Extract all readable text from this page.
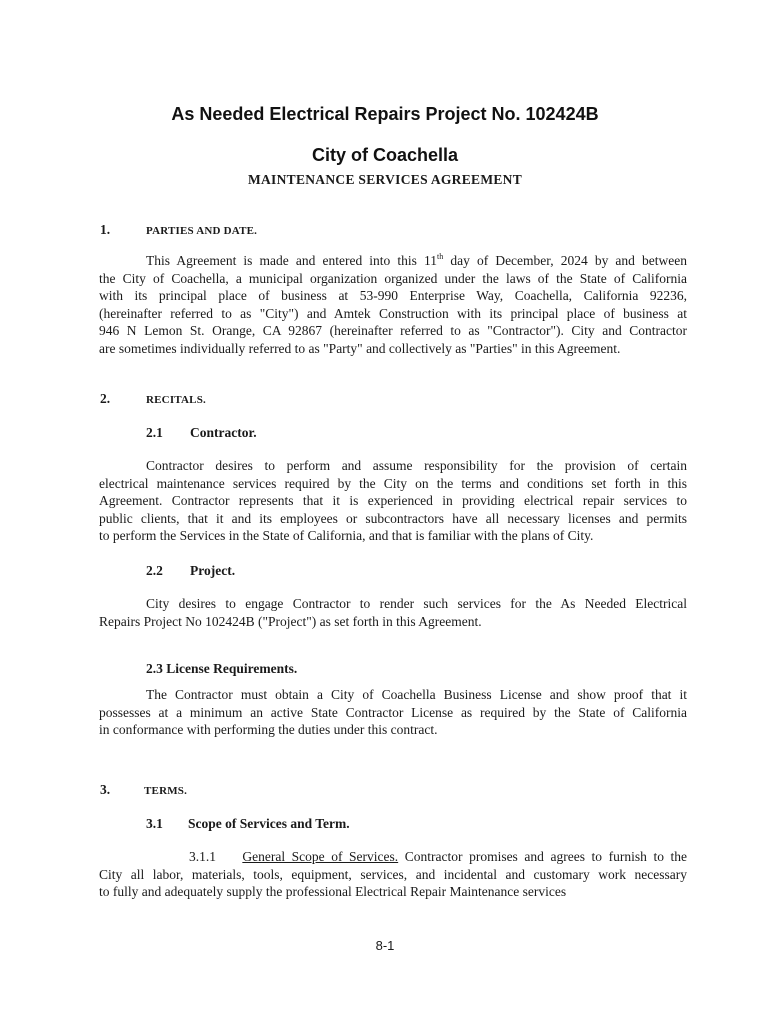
As Needed Electrical Repairs Project No. 102424B
City of Coachella
MAINTENANCE SERVICES AGREEMENT
1.	PARTIES AND DATE.
This Agreement is made and entered into this 11th day of December, 2024 by and between
the City of Coachella, a municipal organization organized under the laws of the State of California
with its principal place of business at 53-990 Enterprise Way, Coachella, California 92236,
(hereinafter referred to as "City") and Amtek Construction with its principal place of business at
946 N Lemon St. Orange, CA 92867 (hereinafter referred to as "Contractor"). City and Contractor
are sometimes individually referred to as "Party" and collectively as "Parties" in this Agreement.
2.	RECITALS.
2.1 Contractor.
Contractor desires to perform and assume responsibility for the provision of certain
electrical maintenance services required by the City on the terms and conditions set forth in this
Agreement. Contractor represents that it is experienced in providing electrical repair services to
public clients, that it and its employees or subcontractors have all necessary licenses and permits
to perform the Services in the State of California, and that is familiar with the plans of City.
2.2 Project.
City desires to engage Contractor to render such services for the As Needed Electrical
Repairs Project No 102424B ("Project") as set forth in this Agreement.
2.3 License Requirements.
The Contractor must obtain a City of Coachella Business License and show proof that it
possesses at a minimum an active State Contractor License as required by the State of California
in conformance with performing the duties under this contract.
3.	TERMS.
3.1 Scope of Services and Term.
3.1.1 General Scope of Services. Contractor promises and agrees to furnish to the
City all labor, materials, tools, equipment, services, and incidental and customary work necessary
to fully and adequately supply the professional Electrical Repair Maintenance services
8-1
